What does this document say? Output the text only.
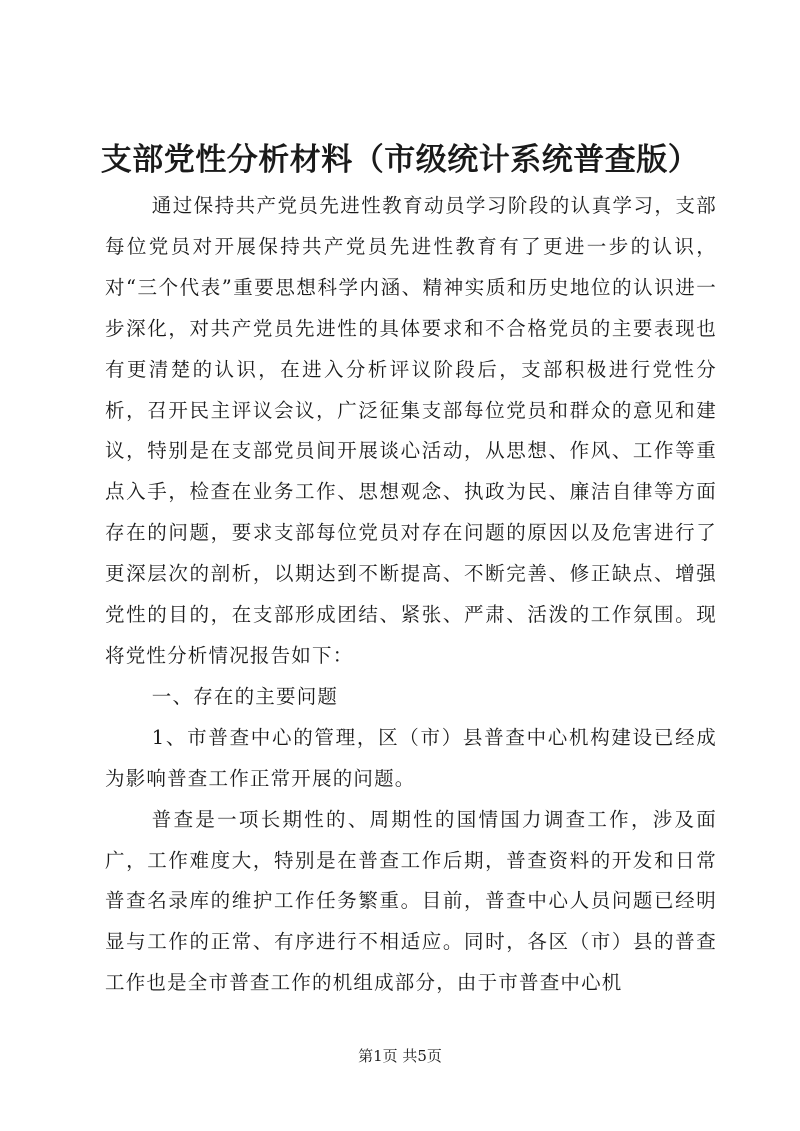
支部党性分析材料（市级统计系统普查版）

通过保持共产党员先进性教育动员学习阶段的认真学习，支部每位党员对开展保持共产党员先进性教育有了更进一步的认识，对“三个代表”重要思想科学内涵、精神实质和历史地位的认识进一步深化，对共产党员先进性的具体要求和不合格党员的主要表现也有更清楚的认识，在进入分析评议阶段后，支部积极进行党性分析，召开民主评议会议，广泛征集支部每位党员和群众的意见和建议，特别是在支部党员间开展谈心活动，从思想、作风、工作等重点入手，检查在业务工作、思想观念、执政为民、廉洁自律等方面存在的问题，要求支部每位党员对存在问题的原因以及危害进行了更深层次的剖析，以期达到不断提高、不断完善、修正缺点、增强党性的目的，在支部形成团结、紧张、严肃、活泼的工作氛围。现将党性分析情况报告如下：

一、存在的主要问题

1、市普查中心的管理，区（市）县普查中心机构建设已经成为影响普查工作正常开展的问题。

普查是一项长期性的、周期性的国情国力调查工作，涉及面广，工作难度大，特别是在普查工作后期，普查资料的开发和日常普查名录库的维护工作任务繁重。目前，普查中心人员问题已经明显与工作的正常、有序进行不相适应。同时，各区（市）县的普查工作也是全市普查工作的机组成部分，由于市普查中心机

第1页 共5页
